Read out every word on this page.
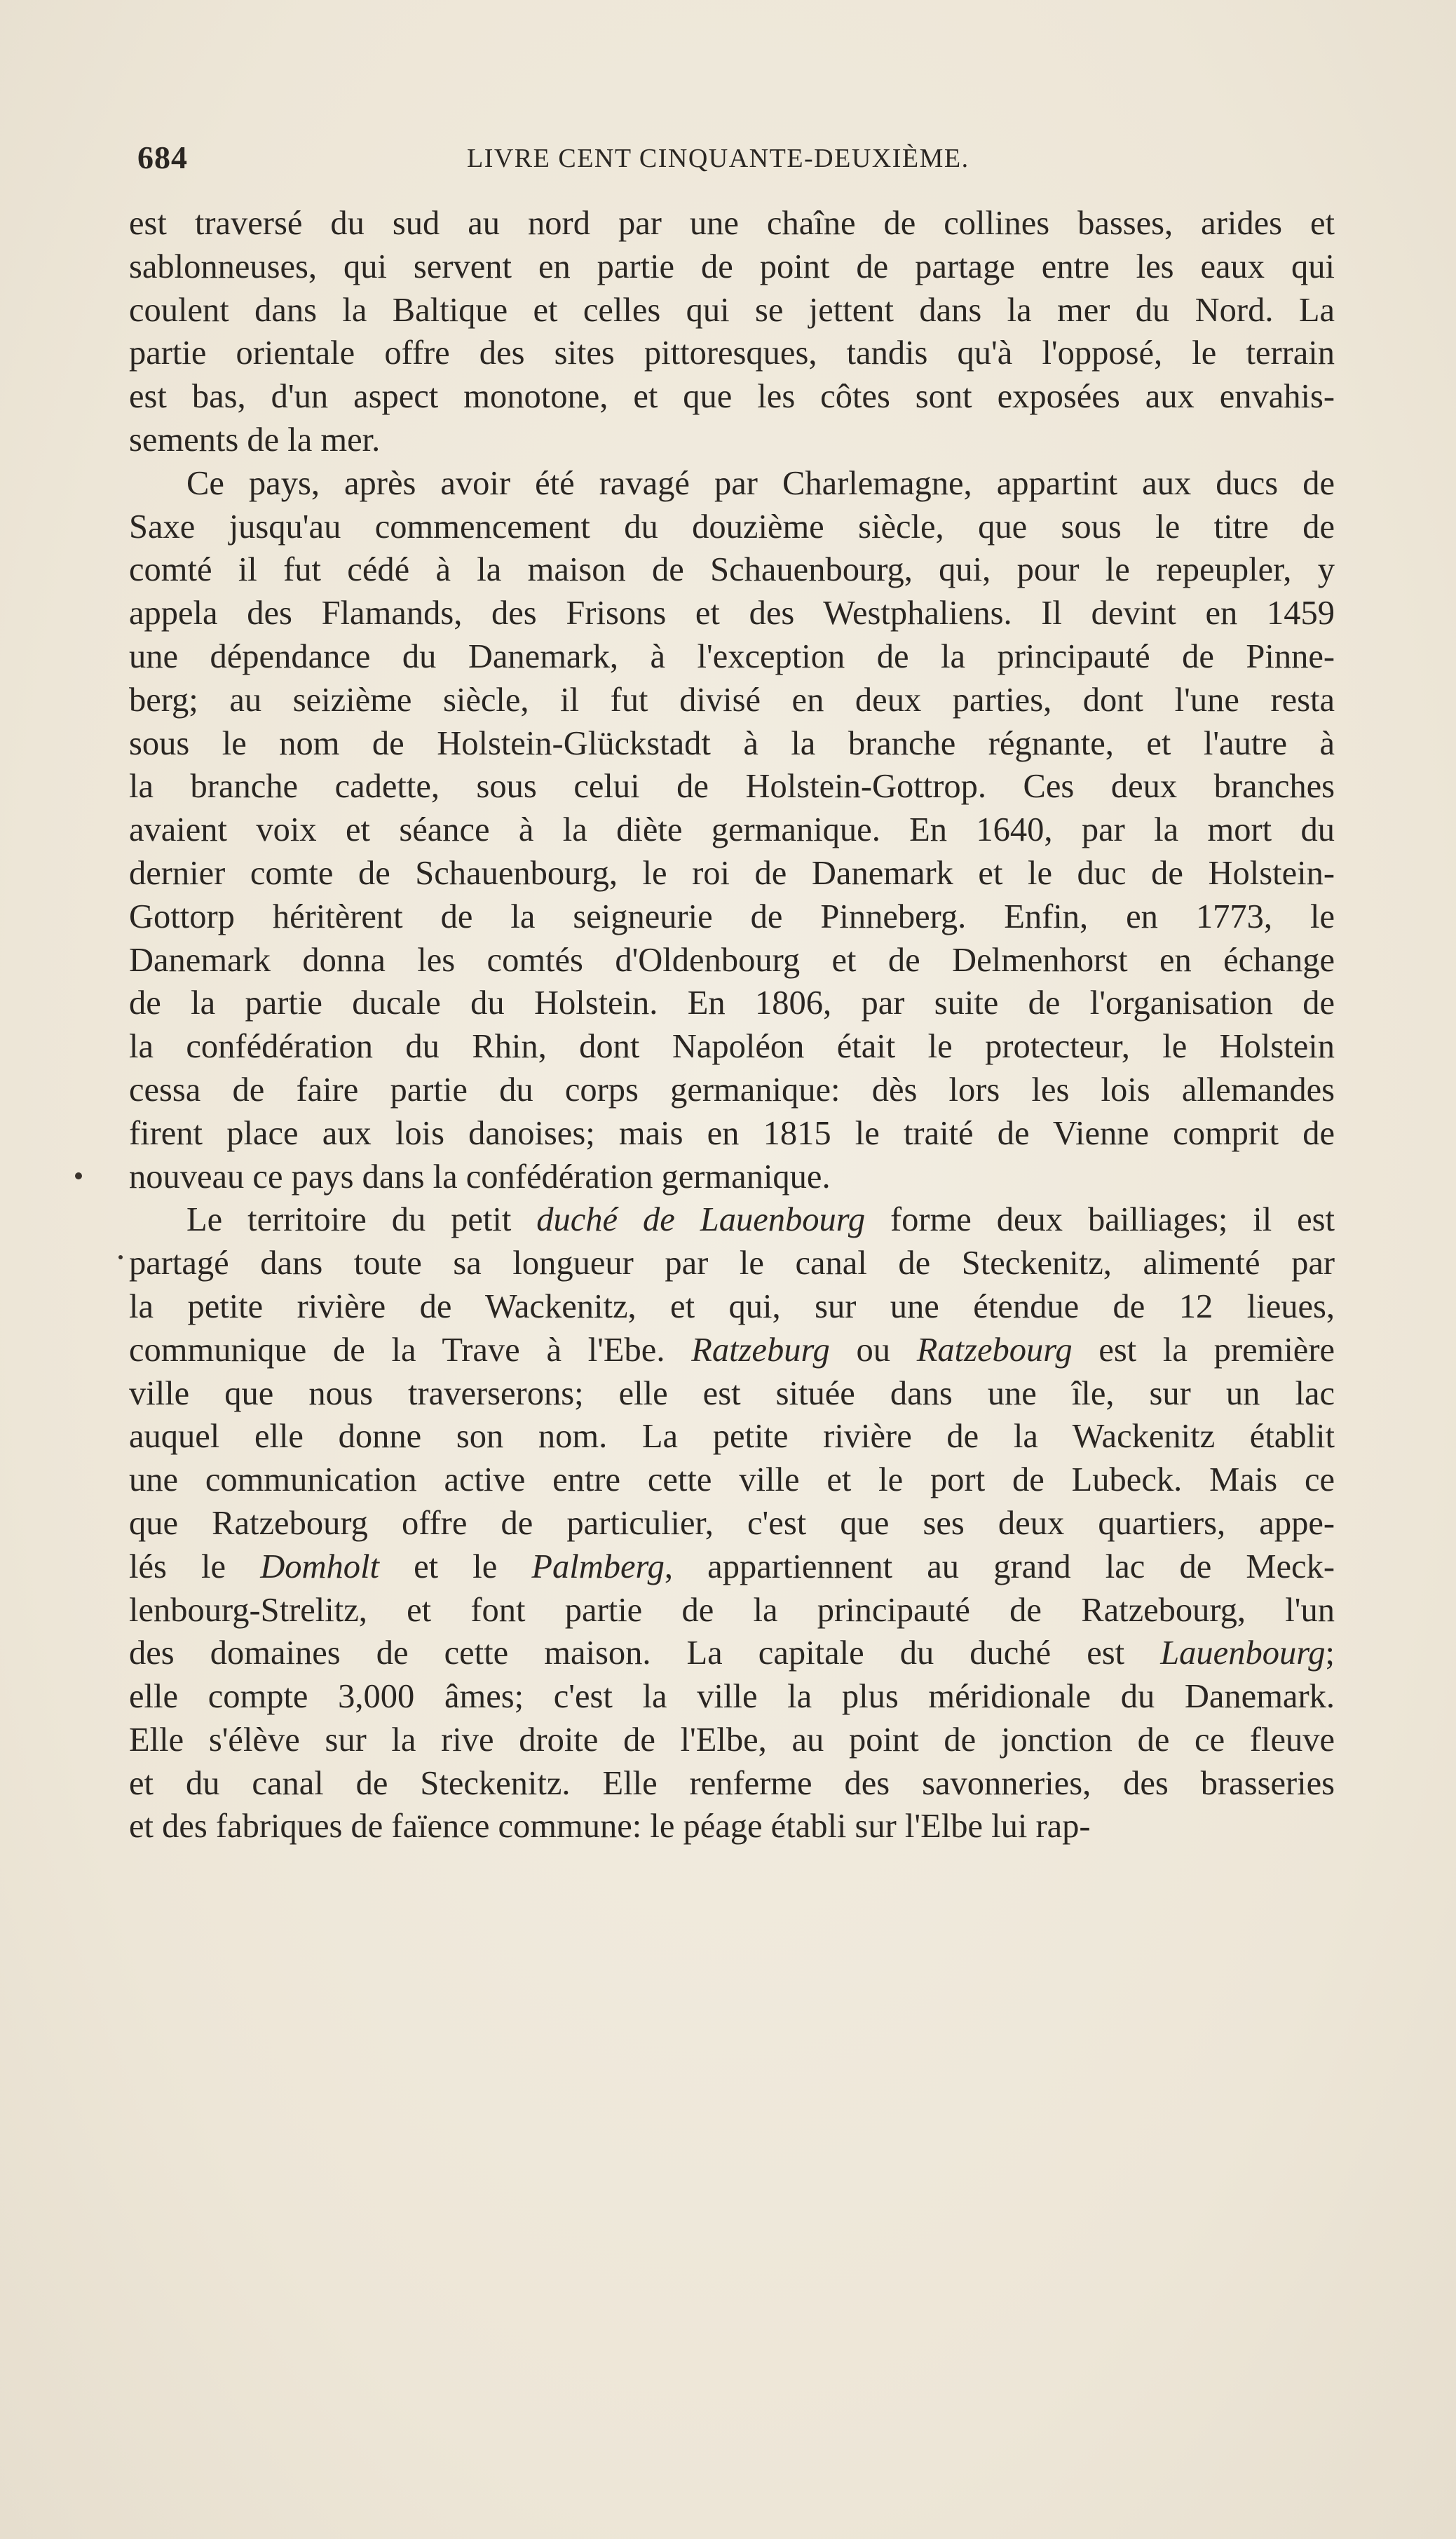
684	LIVRE CENT CINQUANTE-DEUXIÈME.
est traversé du sud au nord par une chaîne de collines basses, arides et
sablonneuses, qui servent en partie de point de partage entre les eaux qui
coulent dans la Baltique et celles qui se jettent dans la mer du Nord. La
partie orientale offre des sites pittoresques, tandis qu'à l'opposé, le terrain
est bas, d'un aspect monotone, et que les côtes sont exposées aux envahis-
sements de la mer.
Ce pays, après avoir été ravagé par Charlemagne, appartint aux ducs de
Saxe jusqu'au commencement du douzième siècle, que sous le titre de
comté il fut cédé à la maison de Schauenbourg, qui, pour le repeupler, y
appela des Flamands, des Frisons et des Westphaliens. Il devint en 1459
une dépendance du Danemark, à l'exception de la principauté de Pinne-
berg; au seizième siècle, il fut divisé en deux parties, dont l'une resta
sous le nom de Holstein-Glückstadt à la branche régnante, et l'autre à
la branche cadette, sous celui de Holstein-Gottrop. Ces deux branches
avaient voix et séance à la diète germanique. En 1640, par la mort du
dernier comte de Schauenbourg, le roi de Danemark et le duc de Holstein-
Gottorp héritèrent de la seigneurie de Pinneberg. Enfin, en 1773, le
Danemark donna les comtés d'Oldenbourg et de Delmenhorst en échange
de la partie ducale du Holstein. En 1806, par suite de l'organisation de
la confédération du Rhin, dont Napoléon était le protecteur, le Holstein
cessa de faire partie du corps germanique: dès lors les lois allemandes
firent place aux lois danoises; mais en 1815 le traité de Vienne comprit de
nouveau ce pays dans la confédération germanique.
Le territoire du petit duché de Lauenbourg forme deux bailliages; il est
partagé dans toute sa longueur par le canal de Steckenitz, alimenté par
la petite rivière de Wackenitz, et qui, sur une étendue de 12 lieues,
communique de la Trave à l'Ebe. Ratzeburg ou Ratzebourg est la première
ville que nous traverserons; elle est située dans une île, sur un lac
auquel elle donne son nom. La petite rivière de la Wackenitz établit
une communication active entre cette ville et le port de Lubeck. Mais ce
que Ratzebourg offre de particulier, c'est que ses deux quartiers, appe-
lés le Domholt et le Palmberg, appartiennent au grand lac de Meck-
lenbourg-Strelitz, et font partie de la principauté de Ratzebourg, l'un
des domaines de cette maison. La capitale du duché est Lauenbourg;
elle compte 3,000 âmes; c'est la ville la plus méridionale du Danemark.
Elle s'élève sur la rive droite de l'Elbe, au point de jonction de ce fleuve
et du canal de Steckenitz. Elle renferme des savonneries, des brasseries
et des fabriques de faïence commune: le péage établi sur l'Elbe lui rap-
